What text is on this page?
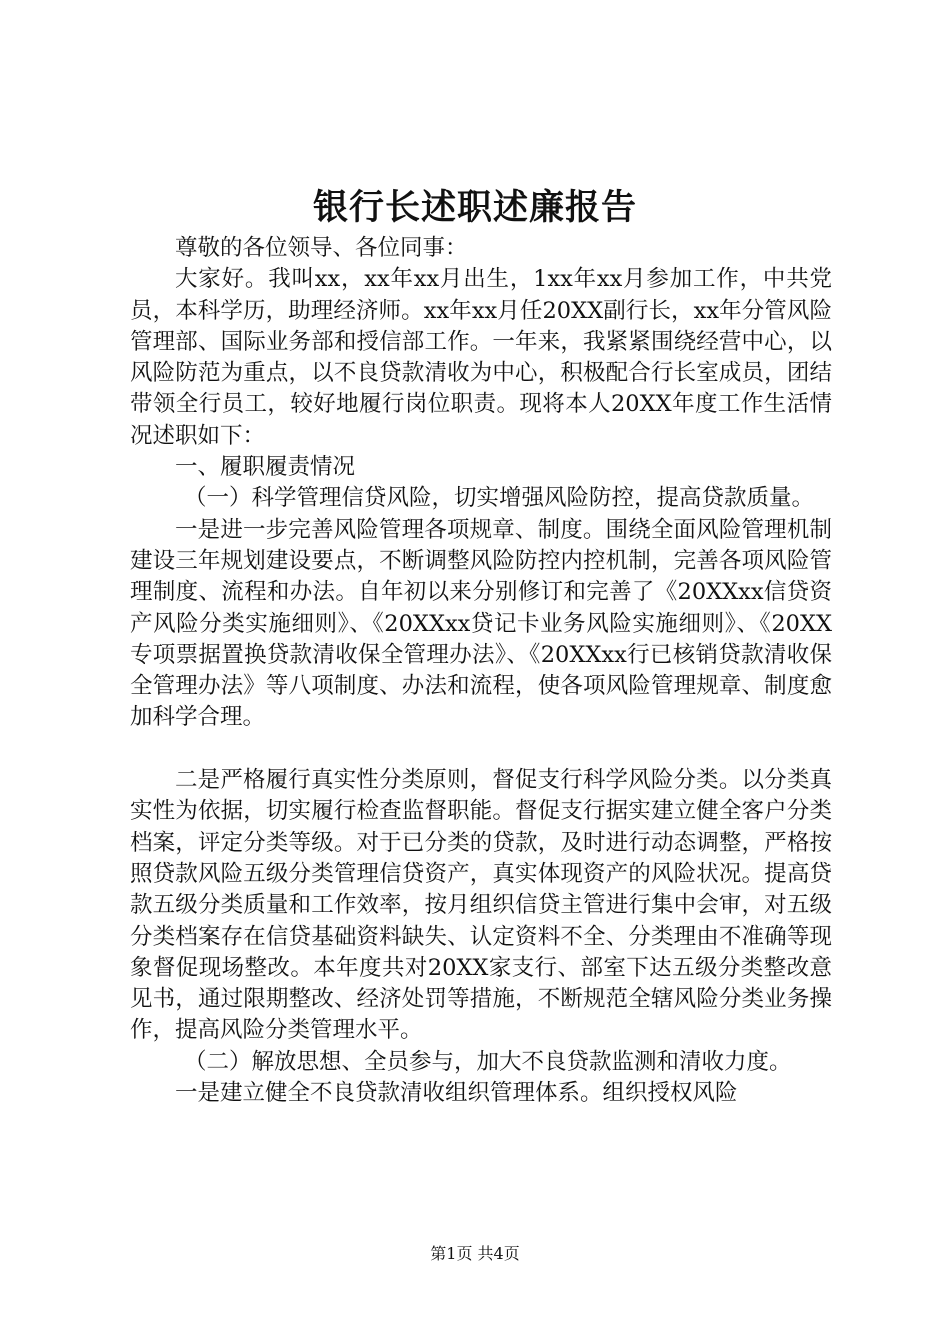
银行长述职述廉报告

尊敬的各位领导、各位同事：

大家好。我叫xx，xx年xx月出生，1xx年xx月参加工作，中共党员，本科学历，助理经济师。xx年xx月任20XX副行长，xx年分管风险管理部、国际业务部和授信部工作。一年来，我紧紧围绕经营中心，以风险防范为重点，以不良贷款清收为中心，积极配合行长室成员，团结带领全行员工，较好地履行岗位职责。现将本人20XX年度工作生活情况述职如下：

一、履职履责情况

（一）科学管理信贷风险，切实增强风险防控，提高贷款质量。

一是进一步完善风险管理各项规章、制度。围绕全面风险管理机制建设三年规划建设要点，不断调整风险防控内控机制，完善各项风险管理制度、流程和办法。自年初以来分别修订和完善了《20XXxx信贷资产风险分类实施细则》、《20XXxx贷记卡业务风险实施细则》、《20XX专项票据置换贷款清收保全管理办法》、《20XXxx行已核销贷款清收保全管理办法》等八项制度、办法和流程，使各项风险管理规章、制度愈加科学合理。

二是严格履行真实性分类原则，督促支行科学风险分类。以分类真实性为依据，切实履行检查监督职能。督促支行据实建立健全客户分类档案，评定分类等级。对于已分类的贷款，及时进行动态调整，严格按照贷款风险五级分类管理信贷资产，真实体现资产的风险状况。提高贷款五级分类质量和工作效率，按月组织信贷主管进行集中会审，对五级分类档案存在信贷基础资料缺失、认定资料不全、分类理由不准确等现象督促现场整改。本年度共对20XX家支行、部室下达五级分类整改意见书，通过限期整改、经济处罚等措施，不断规范全辖风险分类业务操作，提高风险分类管理水平。

（二）解放思想、全员参与，加大不良贷款监测和清收力度。

一是建立健全不良贷款清收组织管理体系。组织授权风险

第1页 共4页
